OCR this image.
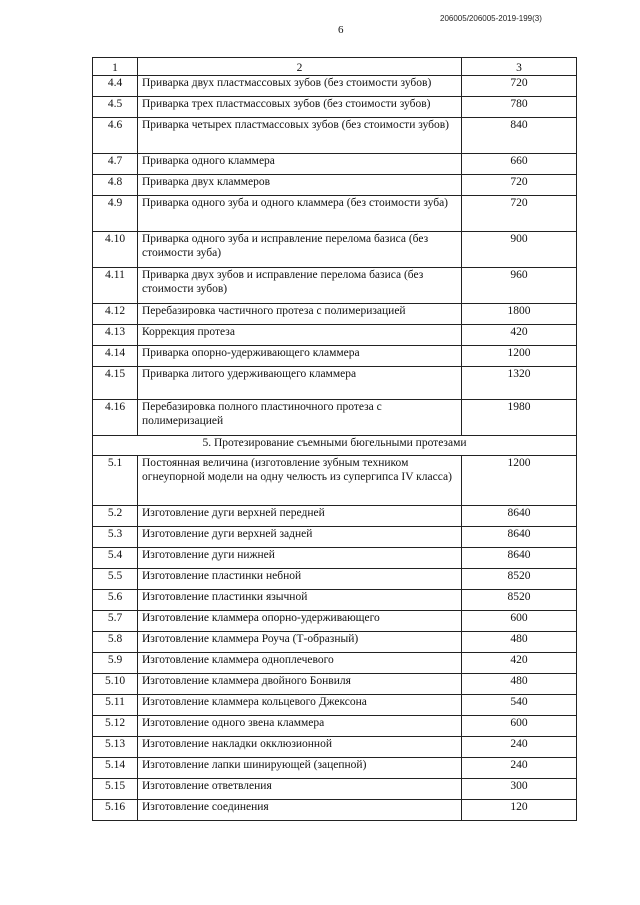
206005/206005-2019-199(3)
6
1	2	3
4.4	Приварка двух пластмассовых зубов (без стоимости зубов)	720
4.5	Приварка трех пластмассовых зубов (без стоимости зубов)	780
4.6	Приварка четырех пластмассовых зубов (без стоимости зубов)	840
4.7	Приварка одного кламмера	660
4.8	Приварка двух кламмеров	720
4.9	Приварка одного зуба и одного кламмера (без стоимости зуба)	720
4.10	Приварка одного зуба и исправление перелома базиса (без стоимости зуба)	900
4.11	Приварка двух зубов и исправление перелома базиса (без стоимости зубов)	960
4.12	Перебазировка частичного протеза с полимеризацией	1800
4.13	Коррекция протеза	420
4.14	Приварка опорно-удерживающего кламмера	1200
4.15	Приварка литого удерживающего кламмера	1320
4.16	Перебазировка полного пластиночного протеза с полимеризацией	1980
5. Протезирование съемными бюгельными протезами		
5.1	Постоянная величина (изготовление зубным техником огнеупорной модели на одну челюсть из супергипса IV класса)	1200
5.2	Изготовление дуги верхней передней	8640
5.3	Изготовление дуги верхней задней	8640
5.4	Изготовление дуги нижней	8640
5.5	Изготовление пластинки небной	8520
5.6	Изготовление пластинки язычной	8520
5.7	Изготовление кламмера опорно-удерживающего	600
5.8	Изготовление кламмера Роуча (Т-образный)	480
5.9	Изготовление кламмера одноплечевого	420
5.10	Изготовление кламмера двойного Бонвиля	480
5.11	Изготовление кламмера кольцевого Джексона	540
5.12	Изготовление одного звена кламмера	600
5.13	Изготовление накладки окклюзионной	240
5.14	Изготовление лапки шинирующей (зацепной)	240
5.15	Изготовление ответвления	300
5.16	Изготовление соединения	120
